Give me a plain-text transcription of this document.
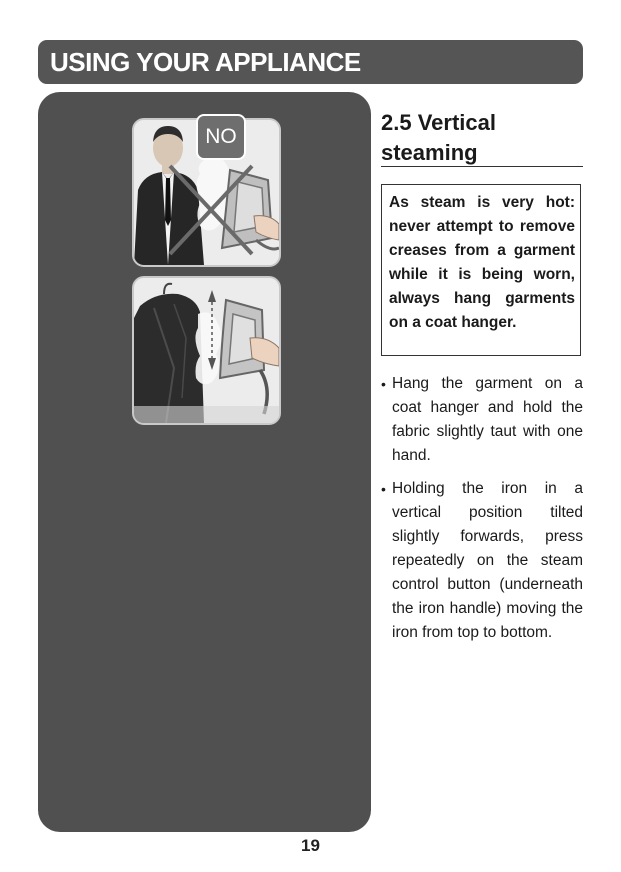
USING YOUR APPLIANCE
NO
2.5 Vertical steaming

As steam is very hot: never attempt to remove creases from a garment while it is being worn, always hang garments on a coat hanger.

• Hang the garment on a coat hanger and hold the fabric slightly taut with one hand.
• Holding the iron in a vertical position tilted slightly forwards, press repeatedly on the steam control button (underneath the iron handle) moving the iron from top to bottom.
19
